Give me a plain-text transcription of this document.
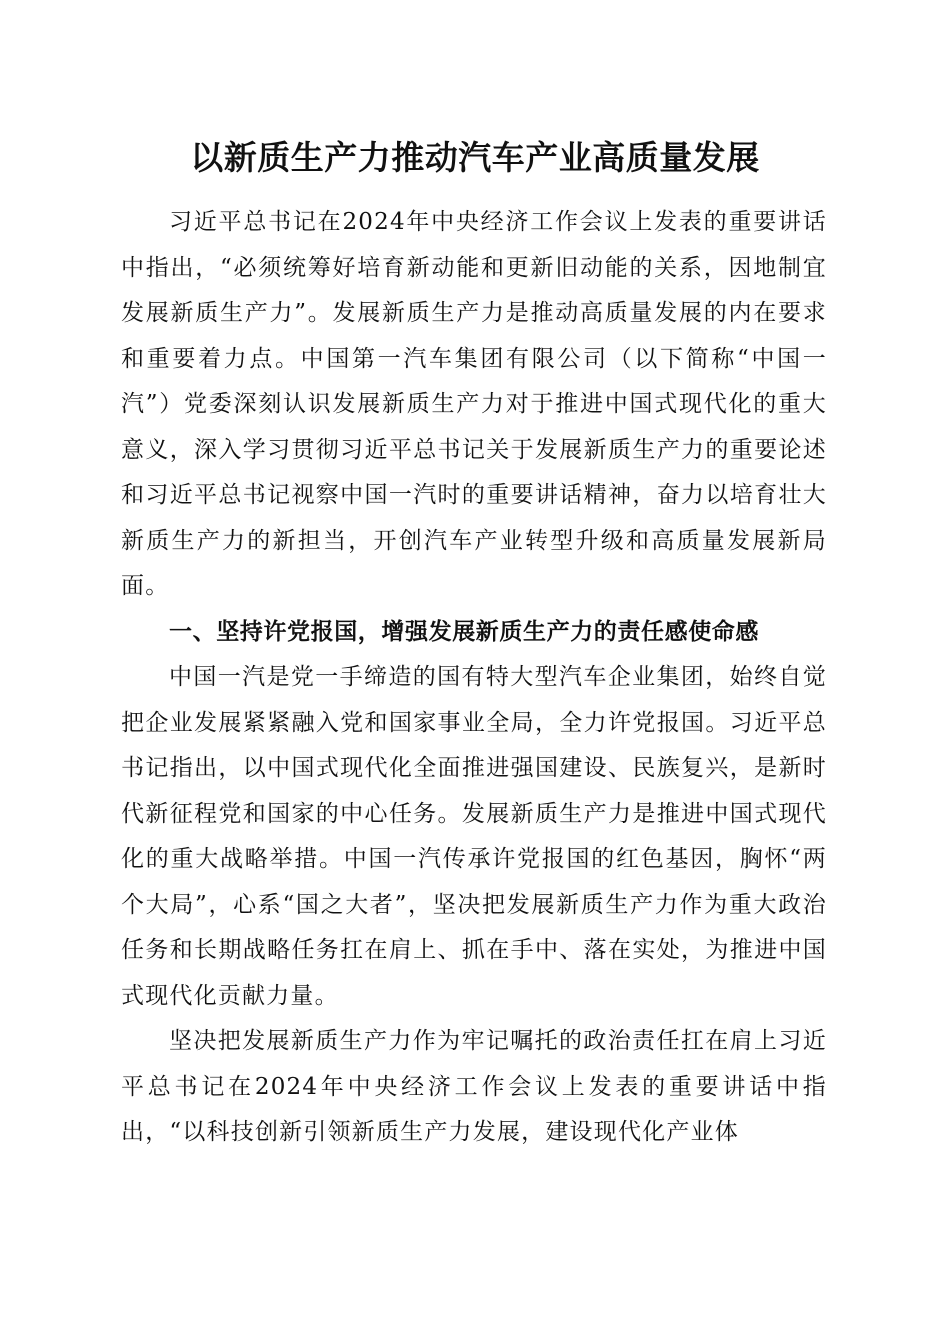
以新质生产力推动汽车产业高质量发展

习近平总书记在2024年中央经济工作会议上发表的重要讲话中指出，“必须统筹好培育新动能和更新旧动能的关系，因地制宜发展新质生产力”。发展新质生产力是推动高质量发展的内在要求和重要着力点。中国第一汽车集团有限公司（以下简称“中国一汽”）党委深刻认识发展新质生产力对于推进中国式现代化的重大意义，深入学习贯彻习近平总书记关于发展新质生产力的重要论述和习近平总书记视察中国一汽时的重要讲话精神，奋力以培育壮大新质生产力的新担当，开创汽车产业转型升级和高质量发展新局面。

一、坚持许党报国，增强发展新质生产力的责任感使命感

中国一汽是党一手缔造的国有特大型汽车企业集团，始终自觉把企业发展紧紧融入党和国家事业全局，全力许党报国。习近平总书记指出，以中国式现代化全面推进强国建设、民族复兴，是新时代新征程党和国家的中心任务。发展新质生产力是推进中国式现代化的重大战略举措。中国一汽传承许党报国的红色基因，胸怀“两个大局”，心系“国之大者”，坚决把发展新质生产力作为重大政治任务和长期战略任务扛在肩上、抓在手中、落在实处，为推进中国式现代化贡献力量。

坚决把发展新质生产力作为牢记嘱托的政治责任扛在肩上习近平总书记在2024年中央经济工作会议上发表的重要讲话中指出，“以科技创新引领新质生产力发展，建设现代化产业体
